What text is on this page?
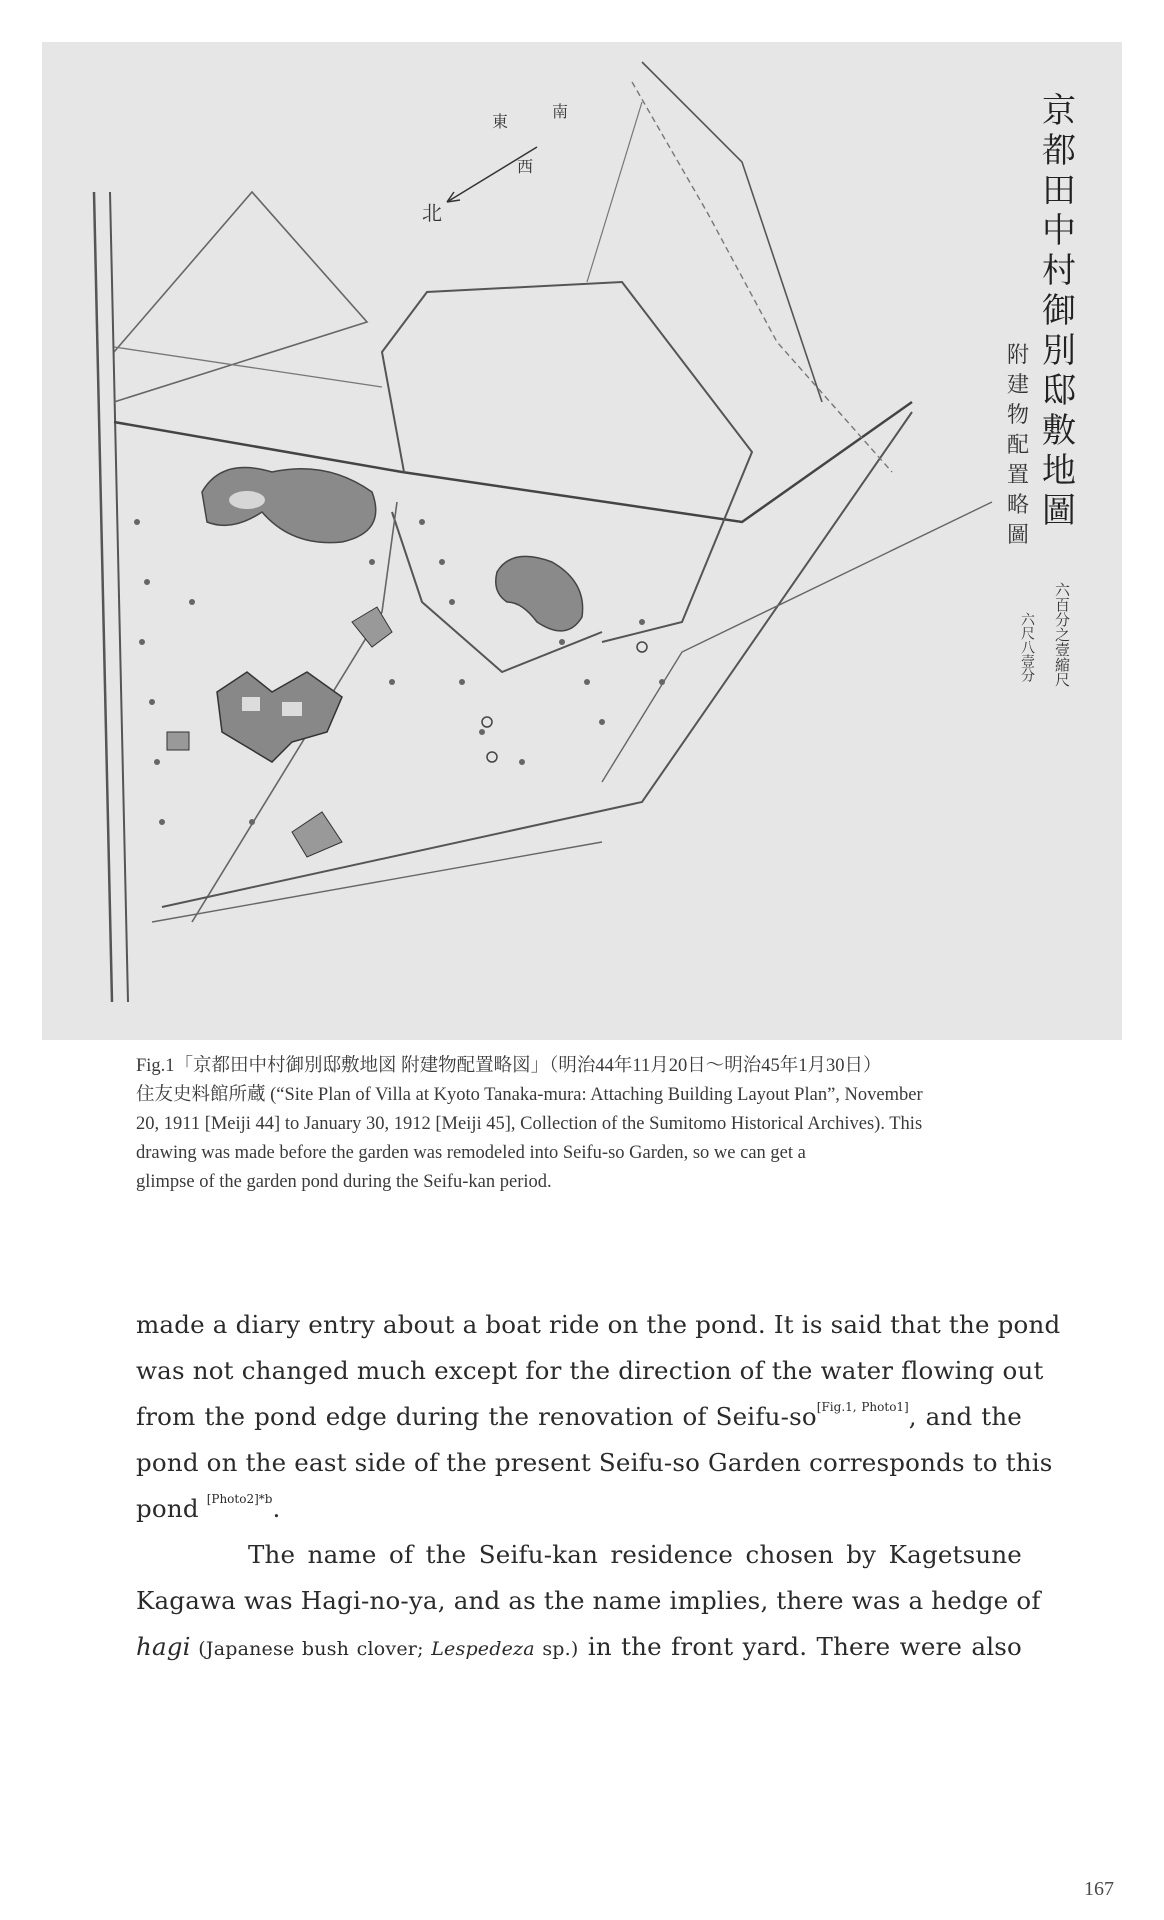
北
西
東
南	京
都
田
中
村
御
別
邸
敷
地
圖
附
建
物
配
置
略
圖
六百分之壹縮尺
六尺八壹分
Fig.1「京都田中村御別邸敷地図 附建物配置略図」（明治44年11月20日〜明治45年1月30日）
住友史料館所蔵 (“Site Plan of Villa at Kyoto Tanaka-mura: Attaching Building Layout Plan”, November
20, 1911 [Meiji 44] to January 30, 1912 [Meiji 45], Collection of the Sumitomo Historical Archives). This
drawing was made before the garden was remodeled into Seifu-so Garden, so we can get a
glimpse of the garden pond during the Seifu-kan period.
made a diary entry about a boat ride on the pond. It is said that the pond
was not changed much except for the direction of the water flowing out
from the pond edge during the renovation of Seifu-so[Fig.1, Photo1], and the
pond on the east side of the present Seifu-so Garden corresponds to this
pond $^{[Photo2]*b}$.
The name of the Seifu-kan residence chosen by Kagetsune
Kagawa was Hagi-no-ya, and as the name implies, there was a hedge of
hagi (Japanese bush clover; Lespedeza sp.) in the front yard. There were also
167
